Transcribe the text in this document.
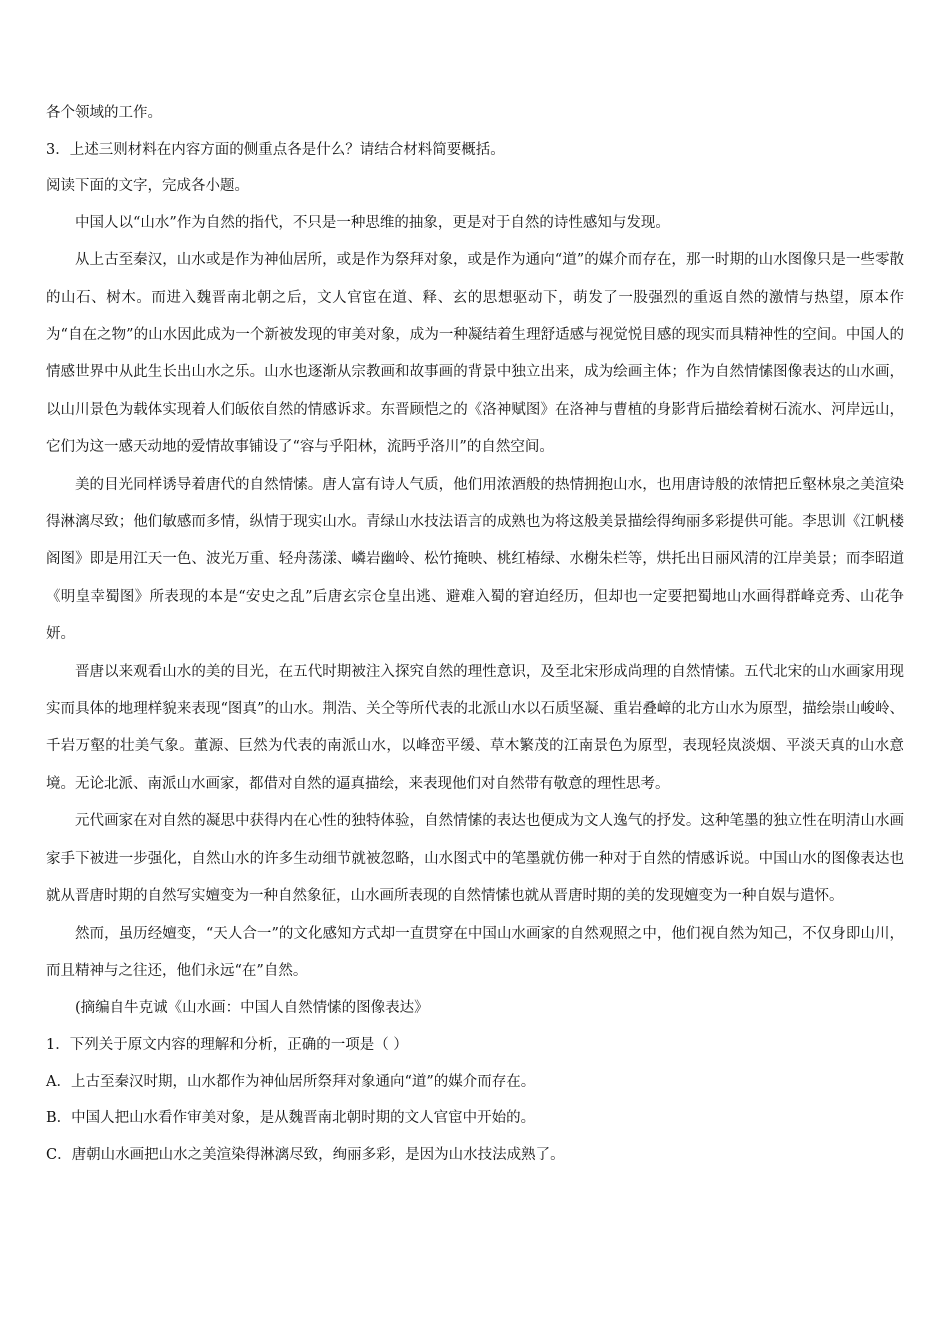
各个领域的工作。

3．上述三则材料在内容方面的侧重点各是什么？请结合材料简要概括。

阅读下面的文字，完成各小题。

中国人以“山水”作为自然的指代，不只是一种思维的抽象，更是对于自然的诗性感知与发现。

从上古至秦汉，山水或是作为神仙居所，或是作为祭拜对象，或是作为通向“道”的媒介而存在，那一时期的山水图像只是一些零散的山石、树木。而进入魏晋南北朝之后，文人官宦在道、释、玄的思想驱动下，萌发了一股强烈的重返自然的激情与热望，原本作为“自在之物”的山水因此成为一个新被发现的审美对象，成为一种凝结着生理舒适感与视觉悦目感的现实而具精神性的空间。中国人的情感世界中从此生长出山水之乐。山水也逐渐从宗教画和故事画的背景中独立出来，成为绘画主体；作为自然情愫图像表达的山水画，以山川景色为载体实现着人们皈依自然的情感诉求。东晋顾恺之的《洛神赋图》在洛神与曹植的身影背后描绘着树石流水、河岸远山，它们为这一感天动地的爱情故事铺设了“容与乎阳林，流眄乎洛川”的自然空间。

美的目光同样诱导着唐代的自然情愫。唐人富有诗人气质，他们用浓酒般的热情拥抱山水，也用唐诗般的浓情把丘壑林泉之美渲染得淋漓尽致；他们敏感而多情，纵情于现实山水。青绿山水技法语言的成熟也为将这般美景描绘得绚丽多彩提供可能。李思训《江帆楼阁图》即是用江天一色、波光万重、轻舟荡漾、嶙岩幽岭、松竹掩映、桃红椿绿、水榭朱栏等，烘托出日丽风清的江岸美景；而李昭道《明皇幸蜀图》所表现的本是“安史之乱”后唐玄宗仓皇出逃、避难入蜀的窘迫经历，但却也一定要把蜀地山水画得群峰竞秀、山花争妍。

晋唐以来观看山水的美的目光，在五代时期被注入探究自然的理性意识，及至北宋形成尚理的自然情愫。五代北宋的山水画家用现实而具体的地理样貌来表现“图真”的山水。荆浩、关仝等所代表的北派山水以石质坚凝、重岩叠嶂的北方山水为原型，描绘崇山峻岭、千岩万壑的壮美气象。董源、巨然为代表的南派山水，以峰峦平缓、草木繁茂的江南景色为原型，表现轻岚淡烟、平淡天真的山水意境。无论北派、南派山水画家，都借对自然的逼真描绘，来表现他们对自然带有敬意的理性思考。

元代画家在对自然的凝思中获得内在心性的独特体验，自然情愫的表达也便成为文人逸气的抒发。这种笔墨的独立性在明清山水画家手下被进一步强化，自然山水的许多生动细节就被忽略，山水图式中的笔墨就仿佛一种对于自然的情感诉说。中国山水的图像表达也就从晋唐时期的自然写实嬗变为一种自然象征，山水画所表现的自然情愫也就从晋唐时期的美的发现嬗变为一种自娱与遣怀。

然而，虽历经嬗变，“天人合一”的文化感知方式却一直贯穿在中国山水画家的自然观照之中，他们视自然为知己，不仅身即山川，而且精神与之往还，他们永远“在”自然。

(摘编自牛克诚《山水画：中国人自然情愫的图像表达》

1．下列关于原文内容的理解和分析，正确的一项是（ ）

A．上古至秦汉时期，山水都作为神仙居所祭拜对象通向“道”的媒介而存在。

B．中国人把山水看作审美对象，是从魏晋南北朝时期的文人官宦中开始的。

C．唐朝山水画把山水之美渲染得淋漓尽致，绚丽多彩，是因为山水技法成熟了。
